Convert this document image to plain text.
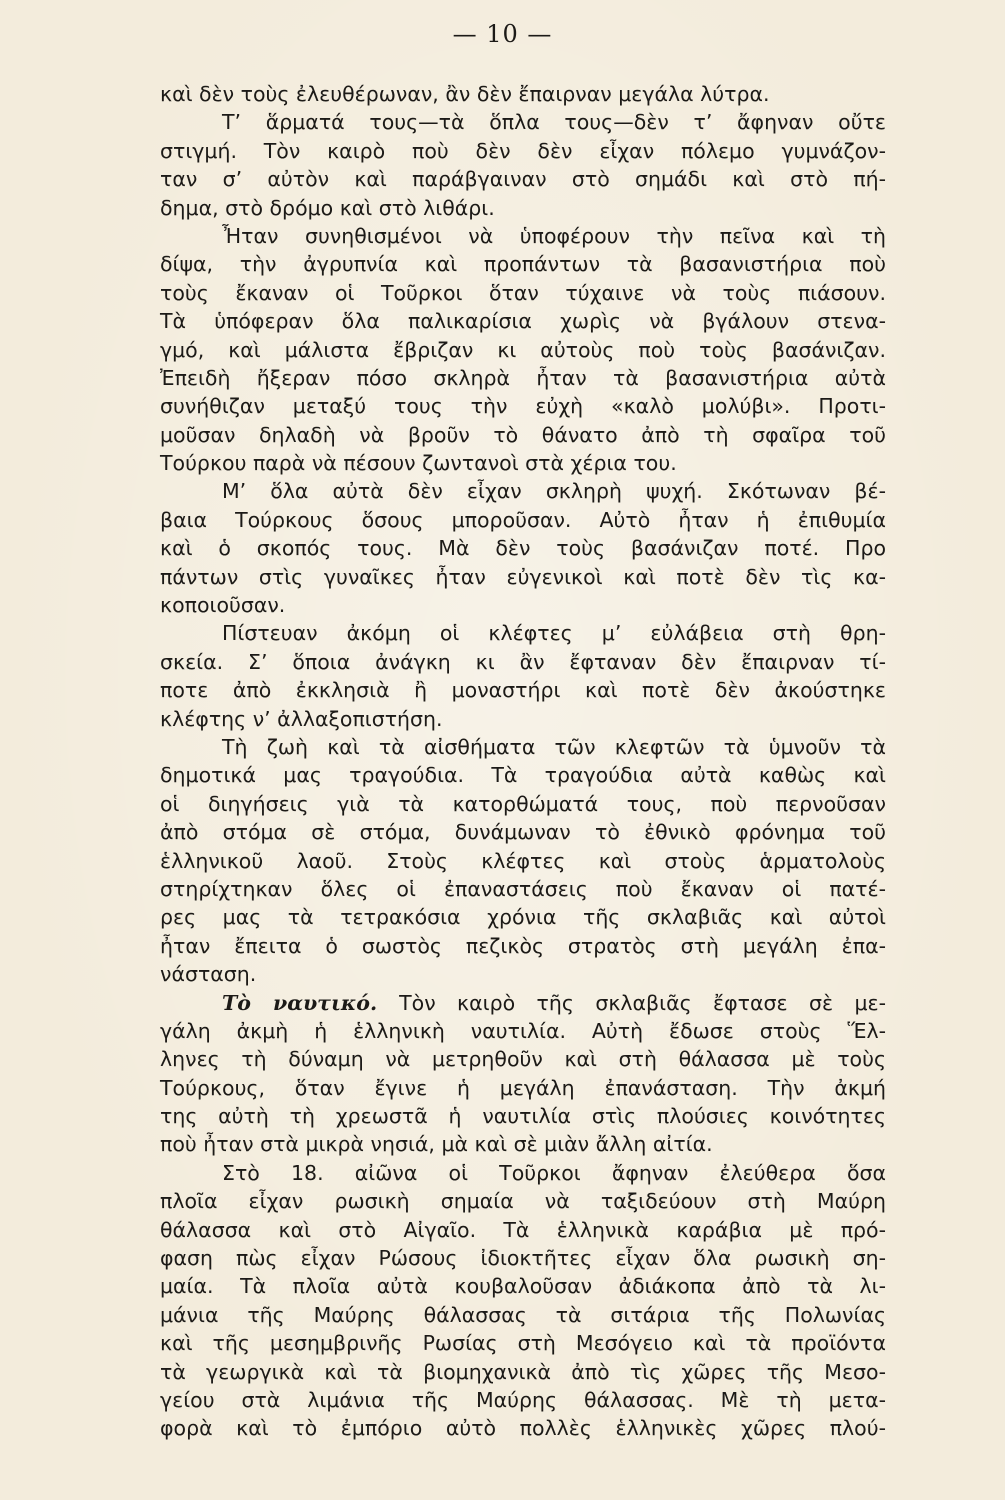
— 10 —
καὶ δὲν τοὺς ἐλευθέρωναν, ἂν δὲν ἔπαιρναν μεγάλα λύτρα.
Τ’ ἅρματά τους—τὰ ὅπλα τους—δὲν τ’ ἄφηναν οὔτε
στιγμή. Τὸν καιρὸ ποὺ δὲν δὲν εἶχαν πόλεμο γυμνάζον-
ταν σ’ αὐτὸν καὶ παράβγαιναν στὸ σημάδι καὶ στὸ πή-
δημα, στὸ δρόμο καὶ στὸ λιθάρι.
Ἦταν συνηθισμένοι νὰ ὑποφέρουν τὴν πεῖνα καὶ τὴ
δίψα, τὴν ἀγρυπνία καὶ προπάντων τὰ βασανιστήρια ποὺ
τοὺς ἔκαναν οἱ Τοῦρκοι ὅταν τύχαινε νὰ τοὺς πιάσουν.
Τὰ ὑπόφεραν ὅλα παλικαρίσια χωρὶς νὰ βγάλουν στενα-
γμό, καὶ μάλιστα ἔβριζαν κι αὐτοὺς ποὺ τοὺς βασάνιζαν.
Ἐπειδὴ ἤξεραν πόσο σκληρὰ ἦταν τὰ βασανιστήρια αὐτὰ
συνήθιζαν μεταξύ τους τὴν εὐχὴ «καλὸ μολύβι». Προτι-
μοῦσαν δηλαδὴ νὰ βροῦν τὸ θάνατο ἀπὸ τὴ σφαῖρα τοῦ
Τούρκου παρὰ νὰ πέσουν ζωντανοὶ στὰ χέρια του.
Μ’ ὅλα αὐτὰ δὲν εἶχαν σκληρὴ ψυχή. Σκότωναν βέ-
βαια Τούρκους ὅσους μποροῦσαν. Αὐτὸ ἦταν ἡ ἐπιθυμία
καὶ ὁ σκοπός τους. Μὰ δὲν τοὺς βασάνιζαν ποτέ. Προ
πάντων στὶς γυναῖκες ἦταν εὐγενικοὶ καὶ ποτὲ δὲν τὶς κα-
κοποιοῦσαν.
Πίστευαν ἀκόμη οἱ κλέφτες μ’ εὐλάβεια στὴ θρη-
σκεία. Σ’ ὅποια ἀνάγκη κι ἂν ἔφταναν δὲν ἔπαιρναν τί-
ποτε ἀπὸ ἐκκλησιὰ ἢ μοναστήρι καὶ ποτὲ δὲν ἀκούστηκε
κλέφτης ν’ ἀλλαξοπιστήση.
Τὴ ζωὴ καὶ τὰ αἰσθήματα τῶν κλεφτῶν τὰ ὑμνοῦν τὰ
δημοτικά μας τραγούδια. Τὰ τραγούδια αὐτὰ καθὼς καὶ
οἱ διηγήσεις γιὰ τὰ κατορθώματά τους, ποὺ περνοῦσαν
ἀπὸ στόμα σὲ στόμα, δυνάμωναν τὸ ἐθνικὸ φρόνημα τοῦ
ἑλληνικοῦ λαοῦ. Στοὺς κλέφτες καὶ στοὺς ἁρματολοὺς
στηρίχτηκαν ὅλες οἱ ἐπαναστάσεις ποὺ ἔκαναν οἱ πατέ-
ρες μας τὰ τετρακόσια χρόνια τῆς σκλαβιᾶς καὶ αὐτοὶ
ἦταν ἔπειτα ὁ σωστὸς πεζικὸς στρατὸς στὴ μεγάλη ἐπα-
νάσταση.
Τὸ ναυτικό. Τὸν καιρὸ τῆς σκλαβιᾶς ἔφτασε σὲ με-
γάλη ἀκμὴ ἡ ἑλληνικὴ ναυτιλία. Αὐτὴ ἔδωσε στοὺς Ἕλ-
ληνες τὴ δύναμη νὰ μετρηθοῦν καὶ στὴ θάλασσα μὲ τοὺς
Τούρκους, ὅταν ἔγινε ἡ μεγάλη ἐπανάσταση. Τὴν ἀκμή
της αὐτὴ τὴ χρεωστᾶ ἡ ναυτιλία στὶς πλούσιες κοινότητες
ποὺ ἦταν στὰ μικρὰ νησιά, μὰ καὶ σὲ μιὰν ἄλλη αἰτία.
Στὸ 18. αἰῶνα οἱ Τοῦρκοι ἄφηναν ἐλεύθερα ὅσα
πλοῖα εἶχαν ρωσικὴ σημαία νὰ ταξιδεύουν στὴ Μαύρη
θάλασσα καὶ στὸ Αἰγαῖο. Τὰ ἑλληνικὰ καράβια μὲ πρό-
φαση πὼς εἶχαν Ρώσους ἰδιοκτῆτες εἶχαν ὅλα ρωσικὴ ση-
μαία. Τὰ πλοῖα αὐτὰ κουβαλοῦσαν ἀδιάκοπα ἀπὸ τὰ λι-
μάνια τῆς Μαύρης θάλασσας τὰ σιτάρια τῆς Πολωνίας
καὶ τῆς μεσημβρινῆς Ρωσίας στὴ Μεσόγειο καὶ τὰ προϊόντα
τὰ γεωργικὰ καὶ τὰ βιομηχανικὰ ἀπὸ τὶς χῶρες τῆς Μεσο-
γείου στὰ λιμάνια τῆς Μαύρης θάλασσας. Μὲ τὴ μετα-
φορὰ καὶ τὸ ἐμπόριο αὐτὸ πολλὲς ἑλληνικὲς χῶρες πλού-
